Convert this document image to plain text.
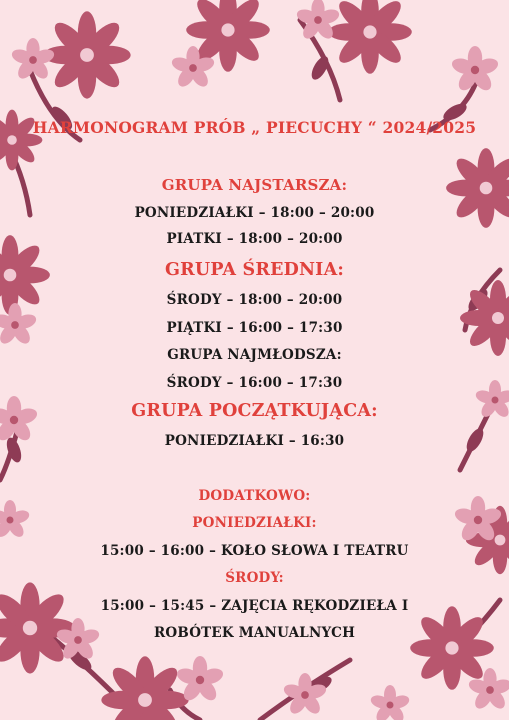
HARMONOGRAM PRÓB „ PIECUCHY “ 2024/2025
GRUPA NAJSTARSZA:
PONIEDZIAŁKI – 18:00 – 20:00
PIATKI – 18:00 – 20:00
GRUPA ŚREDNIA:
ŚRODY – 18:00 – 20:00
PIĄTKI – 16:00 – 17:30
GRUPA NAJMŁODSZA:
ŚRODY – 16:00 – 17:30
GRUPA POCZĄTKUJĄCA:
PONIEDZIAŁKI – 16:30
DODATKOWO:
PONIEDZIAŁKI:
15:00 – 16:00 – KOŁO SŁOWA I TEATRU
ŚRODY:
15:00 – 15:45 – ZAJĘCIA RĘKODZIEŁA I
ROBÓTEK MANUALNYCH
